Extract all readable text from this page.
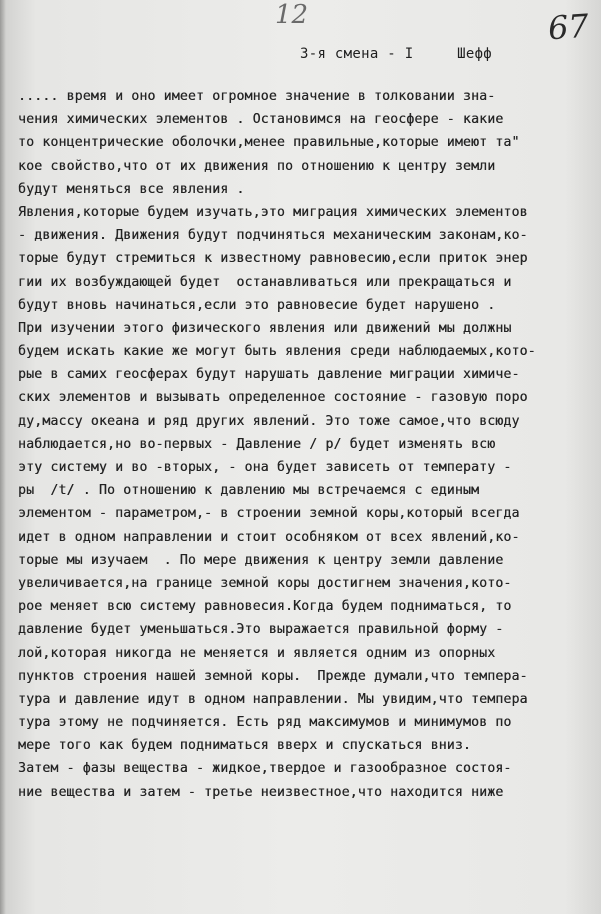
12	67
3-я смена - I     Шефф
..... время и оно имеет огромное значение в толковании зна-
чения химических элементов . Остановимся на геосфере - какие
то концентрические оболочки,менее правильные,которые имеют та"
кое свойство,что от их движения по отношению к центру земли
будут меняться все явления .
Явления,которые будем изучать,это миграция химических элементов
- движения. Движения будут подчиняться механическим законам,ко-
торые будут стремиться к известному равновесию,если приток энер
гии их возбуждающей будет  останавливаться или прекращаться и
будут вновь начинаться,если это равновесие будет нарушено .
При изучении этого физического явления или движений мы должны
будем искать какие же могут быть явления среди наблюдаемых,кото-
рые в самих геосферах будут нарушать давление миграции химиче-
ских элементов и вызывать определенное состояние - газовую поро
ду,массу океана и ряд других явлений. Это тоже самое,что всюду
наблюдается,но во-первых - Давление / р/ будет изменять всю
эту систему и во -вторых, - она будет зависеть от температу -
ры  /t/ . По отношению к давлению мы встречаемся с единым
элементом - параметром,- в строении земной коры,который всегда
идет в одном направлении и стоит особняком от всех явлений,ко-
торые мы изучаем  . По мере движения к центру земли давление
увеличивается,на границе земной коры достигнем значения,кото-
рое меняет всю систему равновесия.Когда будем подниматься, то
давление будет уменьшаться.Это выражается правильной форму -
лой,которая никогда не меняется и является одним из опорных
пунктов строения нашей земной коры.  Прежде думали,что темпера-
тура и давление идут в одном направлении. Мы увидим,что темпера
тура этому не подчиняется. Есть ряд максимумов и минимумов по
мере того как будем подниматься вверх и спускаться вниз.
Затем - фазы вещества - жидкое,твердое и газообразное состоя-
ние вещества и затем - третье неизвестное,что находится ниже
